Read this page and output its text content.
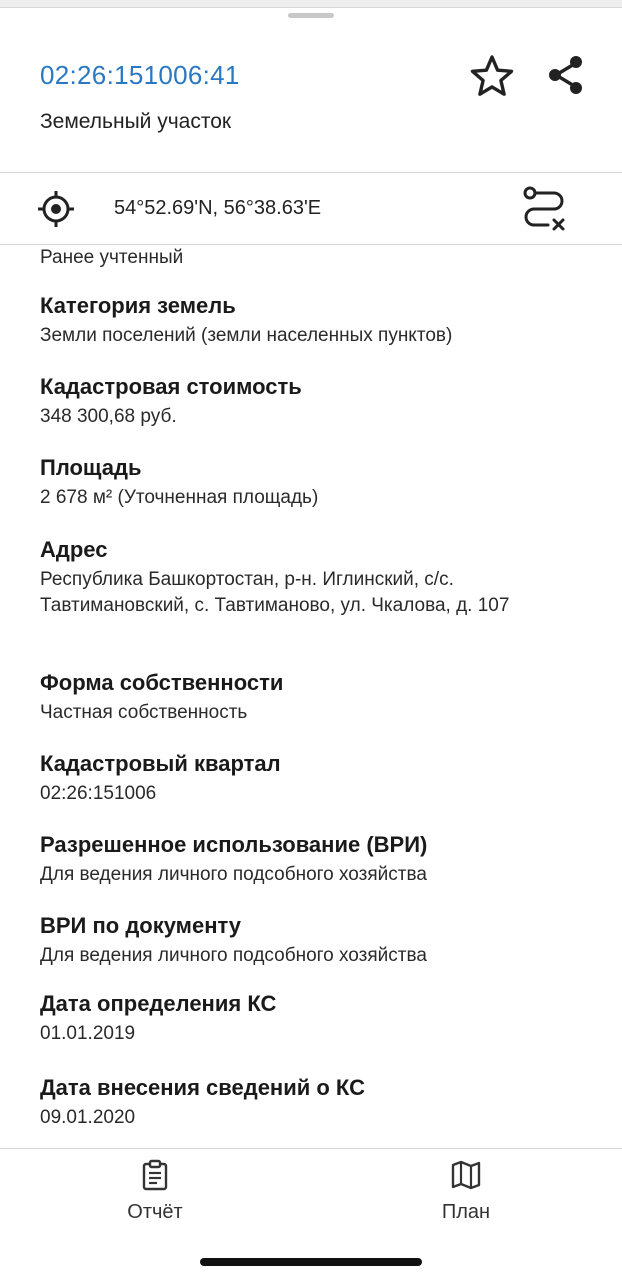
02:26:151006:41
Земельный участок
54°52.69'N, 56°38.63'E
Ранее учтенный
Категория земель
Земли поселений (земли населенных пунктов)
Кадастровая стоимость
348 300,68 руб.
Площадь
2 678 м² (Уточненная площадь)
Адрес
Республика Башкортостан, р-н. Иглинский, с/с. Тавтимановский, с. Тавтиманово, ул. Чкалова, д. 107
Форма собственности
Частная собственность
Кадастровый квартал
02:26:151006
Разрешенное использование (ВРИ)
Для ведения личного подсобного хозяйства
ВРИ по документу
Для ведения личного подсобного хозяйства
Дата определения КС
01.01.2019
Дата внесения сведений о КС
09.01.2020
Отчёт	План
